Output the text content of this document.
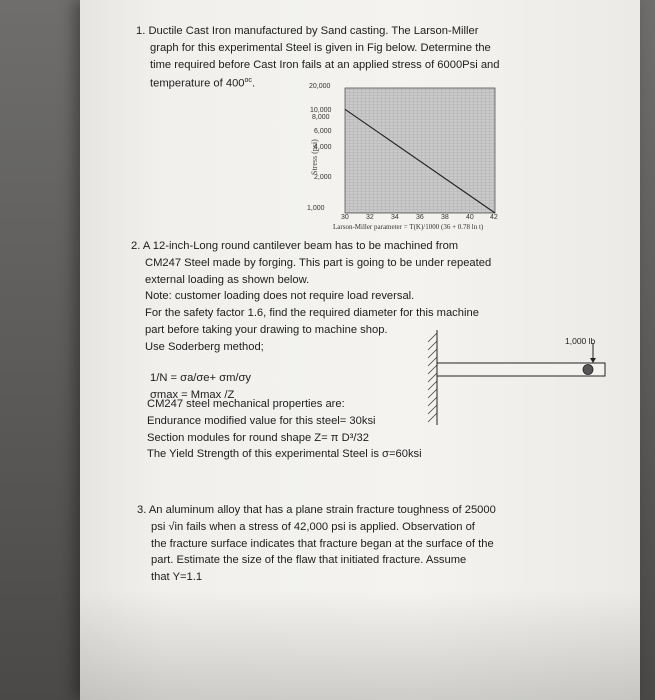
1. Ductile Cast Iron manufactured by Sand casting. The Larson-Miller
graph for this experimental Steel is given in Fig below. Determine the
time required before Cast Iron fails at an applied stress of 6000Psi and
temperature of $400^{oc}$.
Stress (psi)
20,000
10,000
8,000
6,000
4,000
2,000
1,000
30 32 34 36 38 40 42
Larson-Miller parameter = T(K)/1000 (36 + 0.78 ln t)
2. A 12-inch-Long round cantilever beam has to be machined from
CM247 Steel made by forging. This part is going to be under repeated
external loading as shown below.
Note: customer loading does not require load reversal.
For the safety factor 1.6, find the required diameter for this machine
part before taking your drawing to machine shop.
Use Soderberg method;
1/N = σa/σe+ σm/σy
σmax = Mmax /Z
CM247 steel mechanical properties are:
Endurance modified value for this steel= 30ksi
Section modules for round shape Z= π D³/32
The Yield Strength of this experimental Steel is σ=60ksi
1,000 lb
3. An aluminum alloy that has a plane strain fracture toughness of 25000
psi √in fails when a stress of 42,000 psi is applied. Observation of
the fracture surface indicates that fracture began at the surface of the
part. Estimate the size of the flaw that initiated fracture. Assume
that Y=1.1
